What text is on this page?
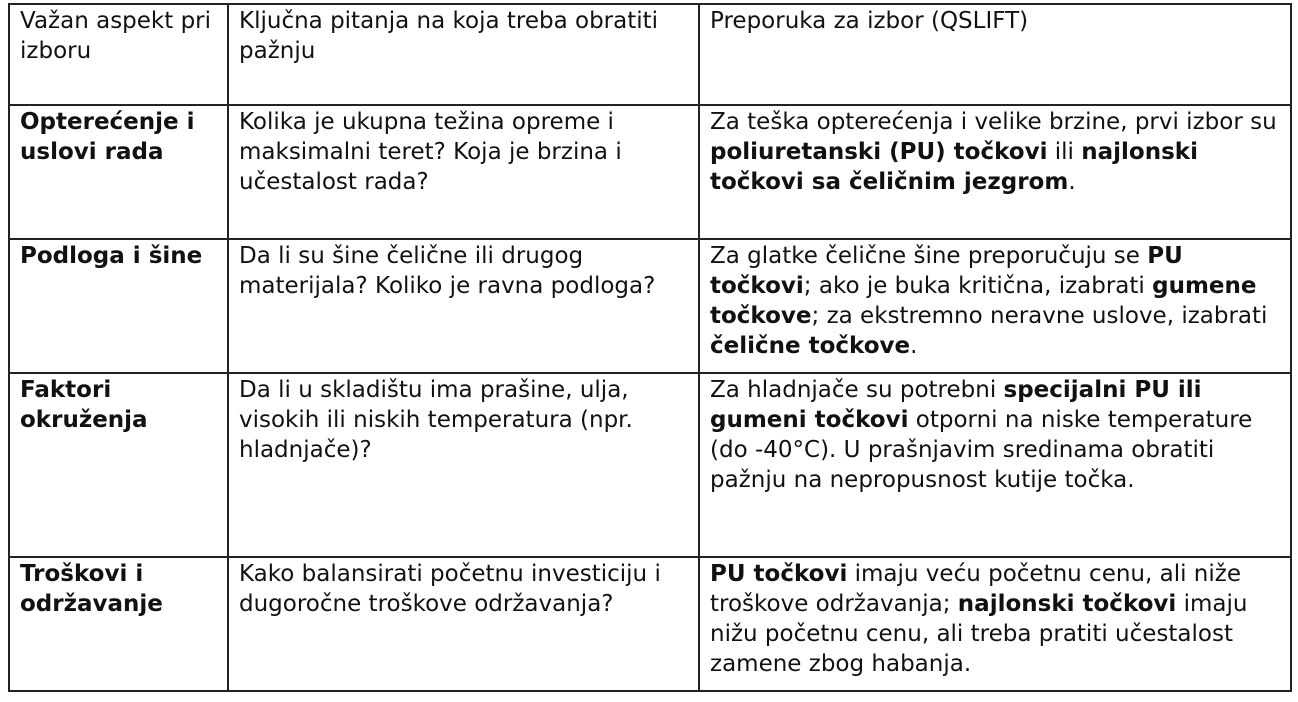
Važan aspekt pri izboru	Ključna pitanja na koja treba obratiti pažnju	Preporuka za izbor (QSLIFT)
Opterećenje i uslovi rada	Kolika je ukupna težina opreme i maksimalni teret? Koja je brzina i učestalost rada?	Za teška opterećenja i velike brzine, prvi izbor su poliuretanski (PU) točkovi ili najlonski točkovi sa čeličnim jezgrom.
Podloga i šine	Da li su šine čelične ili drugog materijala? Koliko je ravna podloga?	Za glatke čelične šine preporučuju se PU točkovi; ako je buka kritična, izabrati gumene točkove; za ekstremno neravne uslove, izabrati čelične točkove.
Faktori okruženja	Da li u skladištu ima prašine, ulja, visokih ili niskih temperatura (npr. hladnjače)?	Za hladnjače su potrebni specijalni PU ili gumeni točkovi otporni na niske temperature (do -40°C). U prašnjavim sredinama obratiti pažnju na nepropusnost kutije točka.
Troškovi i održavanje	Kako balansirati početnu investiciju i dugoročne troškove održavanja?	PU točkovi imaju veću početnu cenu, ali niže troškove održavanja; najlonski točkovi imaju nižu početnu cenu, ali treba pratiti učestalost zamene zbog habanja.
